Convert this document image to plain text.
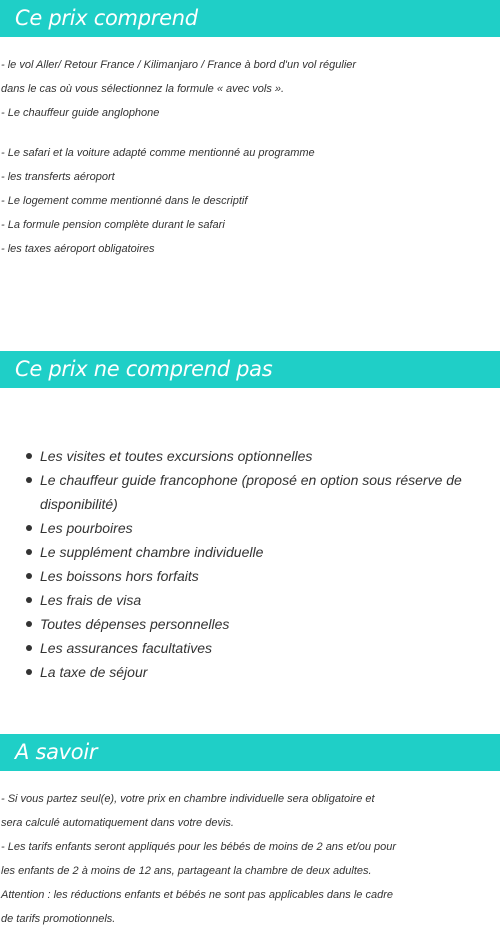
Ce prix comprend
- le vol Aller/ Retour France / Kilimanjaro / France à bord d'un vol régulier
dans le cas où vous sélectionnez la formule « avec vols ».
- Le chauffeur guide anglophone
- Le safari et la voiture adapté comme mentionné au programme
- les transferts aéroport
- Le logement comme mentionné dans le descriptif
- La formule pension complète durant le safari
- les taxes aéroport obligatoires
Ce prix ne comprend pas
Les visites et toutes excursions optionnelles
Le chauffeur guide francophone (proposé en option sous réserve de disponibilité)
Les pourboires
Le supplément chambre individuelle
Les boissons hors forfaits
Les frais de visa
Toutes dépenses personnelles
Les assurances facultatives
La taxe de séjour
A savoir
- Si vous partez seul(e), votre prix en chambre individuelle sera obligatoire et
sera calculé automatiquement dans votre devis.
- Les tarifs enfants seront appliqués pour les bébés de moins de 2 ans et/ou pour
les enfants de 2 à moins de 12 ans, partageant la chambre de deux adultes.
Attention : les réductions enfants et bébés ne sont pas applicables dans le cadre
de tarifs promotionnels.
